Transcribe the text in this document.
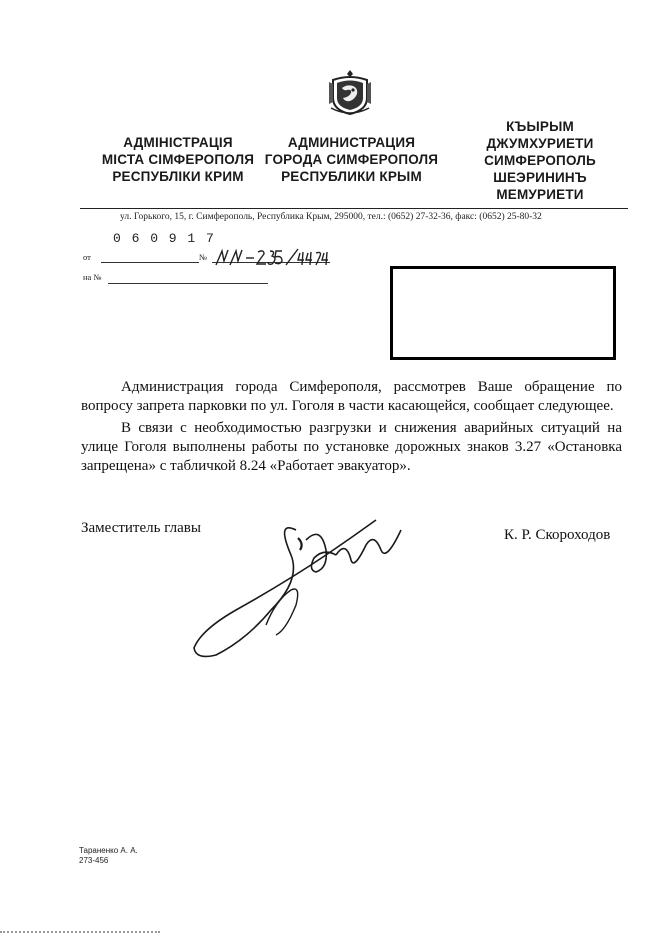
АДМІНІСТРАЦІЯ
МІСТА СІМФЕРОПОЛЯ
РЕСПУБЛІКИ КРИМ
АДМИНИСТРАЦИЯ
ГОРОДА СИМФЕРОПОЛЯ
РЕСПУБЛИКИ КРЫМ
КЪЫРЫМ
ДЖУМХУРИЕТИ
СИМФЕРОПОЛЬ
ШЕЭРИНИНЪ
МЕМУРИЕТИ
ул. Горького, 15, г. Симферополь, Республика Крым, 295000, тел.: (0652) 27-32-36, факс: (0652) 25-80-32
0 6 0 9 1 7
от	№
на №

Администрация города Симферополя, рассмотрев Ваше обращение по вопросу запрета парковки по ул. Гоголя в части касающейся, сообщает следующее.

В связи с необходимостью разгрузки и снижения аварийных ситуаций на улице Гоголя выполнены работы по установке дорожных знаков 3.27 «Остановка запрещена» с табличкой 8.24 «Работает эвакуатор».

Заместитель главы	К. Р. Скороходов
Тараненко А. А.
273-456
